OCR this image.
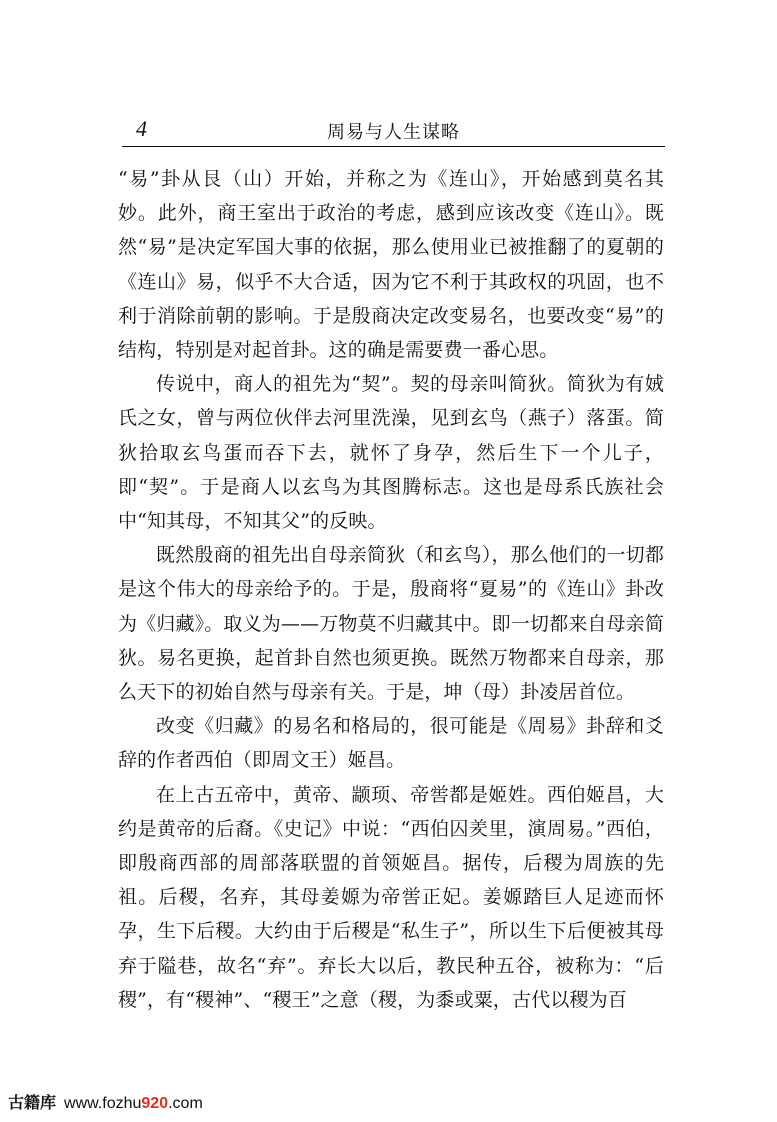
4	周易与人生谋略

“易”卦从艮（山）开始，并称之为《连山》，开始感到莫名其妙。此外，商王室出于政治的考虑，感到应该改变《连山》。既然“易”是决定军国大事的依据，那么使用业已被推翻了的夏朝的《连山》易，似乎不大合适，因为它不利于其政权的巩固，也不利于消除前朝的影响。于是殷商决定改变易名，也要改变“易”的结构，特别是对起首卦。这的确是需要费一番心思。

传说中，商人的祖先为“契”。契的母亲叫简狄。简狄为有娀氏之女，曾与两位伙伴去河里洗澡，见到玄鸟（燕子）落蛋。简狄拾取玄鸟蛋而吞下去，就怀了身孕，然后生下一个儿子，即“契”。于是商人以玄鸟为其图腾标志。这也是母系氏族社会中“知其母，不知其父”的反映。

既然殷商的祖先出自母亲简狄（和玄鸟），那么他们的一切都是这个伟大的母亲给予的。于是，殷商将“夏易”的《连山》卦改为《归藏》。取义为——万物莫不归藏其中。即一切都来自母亲简狄。易名更换，起首卦自然也须更换。既然万物都来自母亲，那么天下的初始自然与母亲有关。于是，坤（母）卦凌居首位。

改变《归藏》的易名和格局的，很可能是《周易》卦辞和爻辞的作者西伯（即周文王）姬昌。

在上古五帝中，黄帝、颛顼、帝喾都是姬姓。西伯姬昌，大约是黄帝的后裔。《史记》中说：“西伯囚羑里，演周易。”西伯，即殷商西部的周部落联盟的首领姬昌。据传，后稷为周族的先祖。后稷，名弃，其母姜嫄为帝喾正妃。姜嫄踏巨人足迹而怀孕，生下后稷。大约由于后稷是“私生子”，所以生下后便被其母弃于隘巷，故名“弃”。弃长大以后，教民种五谷，被称为：“后稷”，有“稷神”、“稷王”之意（稷，为黍或粟，古代以稷为百

古籍库 www.fozhu920.com
